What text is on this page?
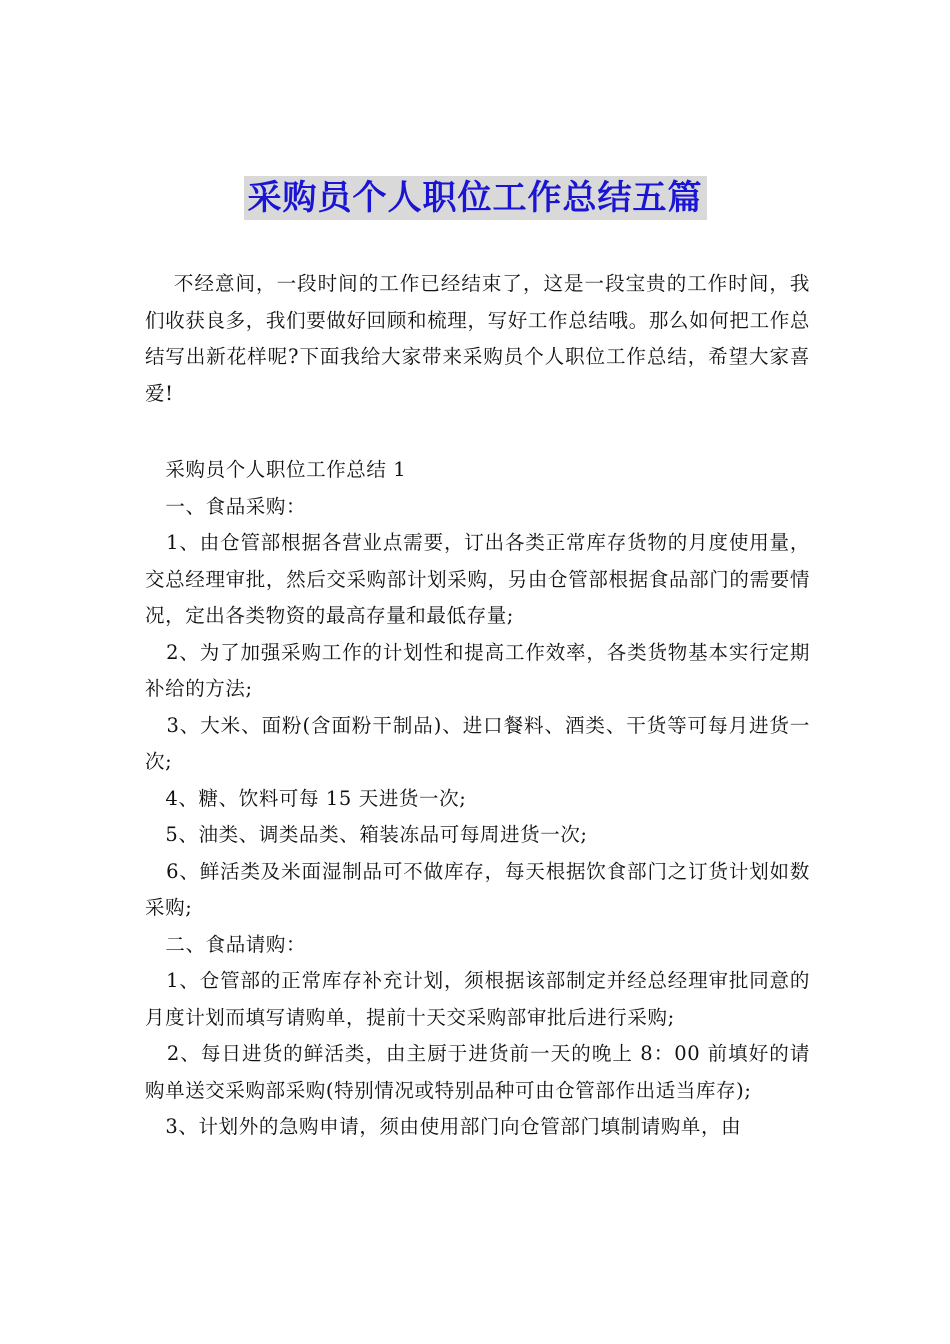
采购员个人职位工作总结五篇

不经意间，一段时间的工作已经结束了，这是一段宝贵的工作时间，我们收获良多，我们要做好回顾和梳理，写好工作总结哦。那么如何把工作总结写出新花样呢?下面我给大家带来采购员个人职位工作总结，希望大家喜爱!

采购员个人职位工作总结 1

一、食品采购：

1、由仓管部根据各营业点需要，订出各类正常库存货物的月度使用量，交总经理审批，然后交采购部计划采购，另由仓管部根据食品部门的需要情况，定出各类物资的最高存量和最低存量;

2、为了加强采购工作的计划性和提高工作效率，各类货物基本实行定期补给的方法;

3、大米、面粉(含面粉干制品)、进口餐料、酒类、干货等可每月进货一次;

4、糖、饮料可每 15 天进货一次;

5、油类、调类品类、箱装冻品可每周进货一次;

6、鲜活类及米面湿制品可不做库存，每天根据饮食部门之订货计划如数采购;

二、食品请购：

1、仓管部的正常库存补充计划，须根据该部制定并经总经理审批同意的月度计划而填写请购单，提前十天交采购部审批后进行采购;

2、每日进货的鲜活类，由主厨于进货前一天的晚上 8：00 前填好的请购单送交采购部采购(特别情况或特别品种可由仓管部作出适当库存);

3、计划外的急购申请，须由使用部门向仓管部门填制请购单，由
